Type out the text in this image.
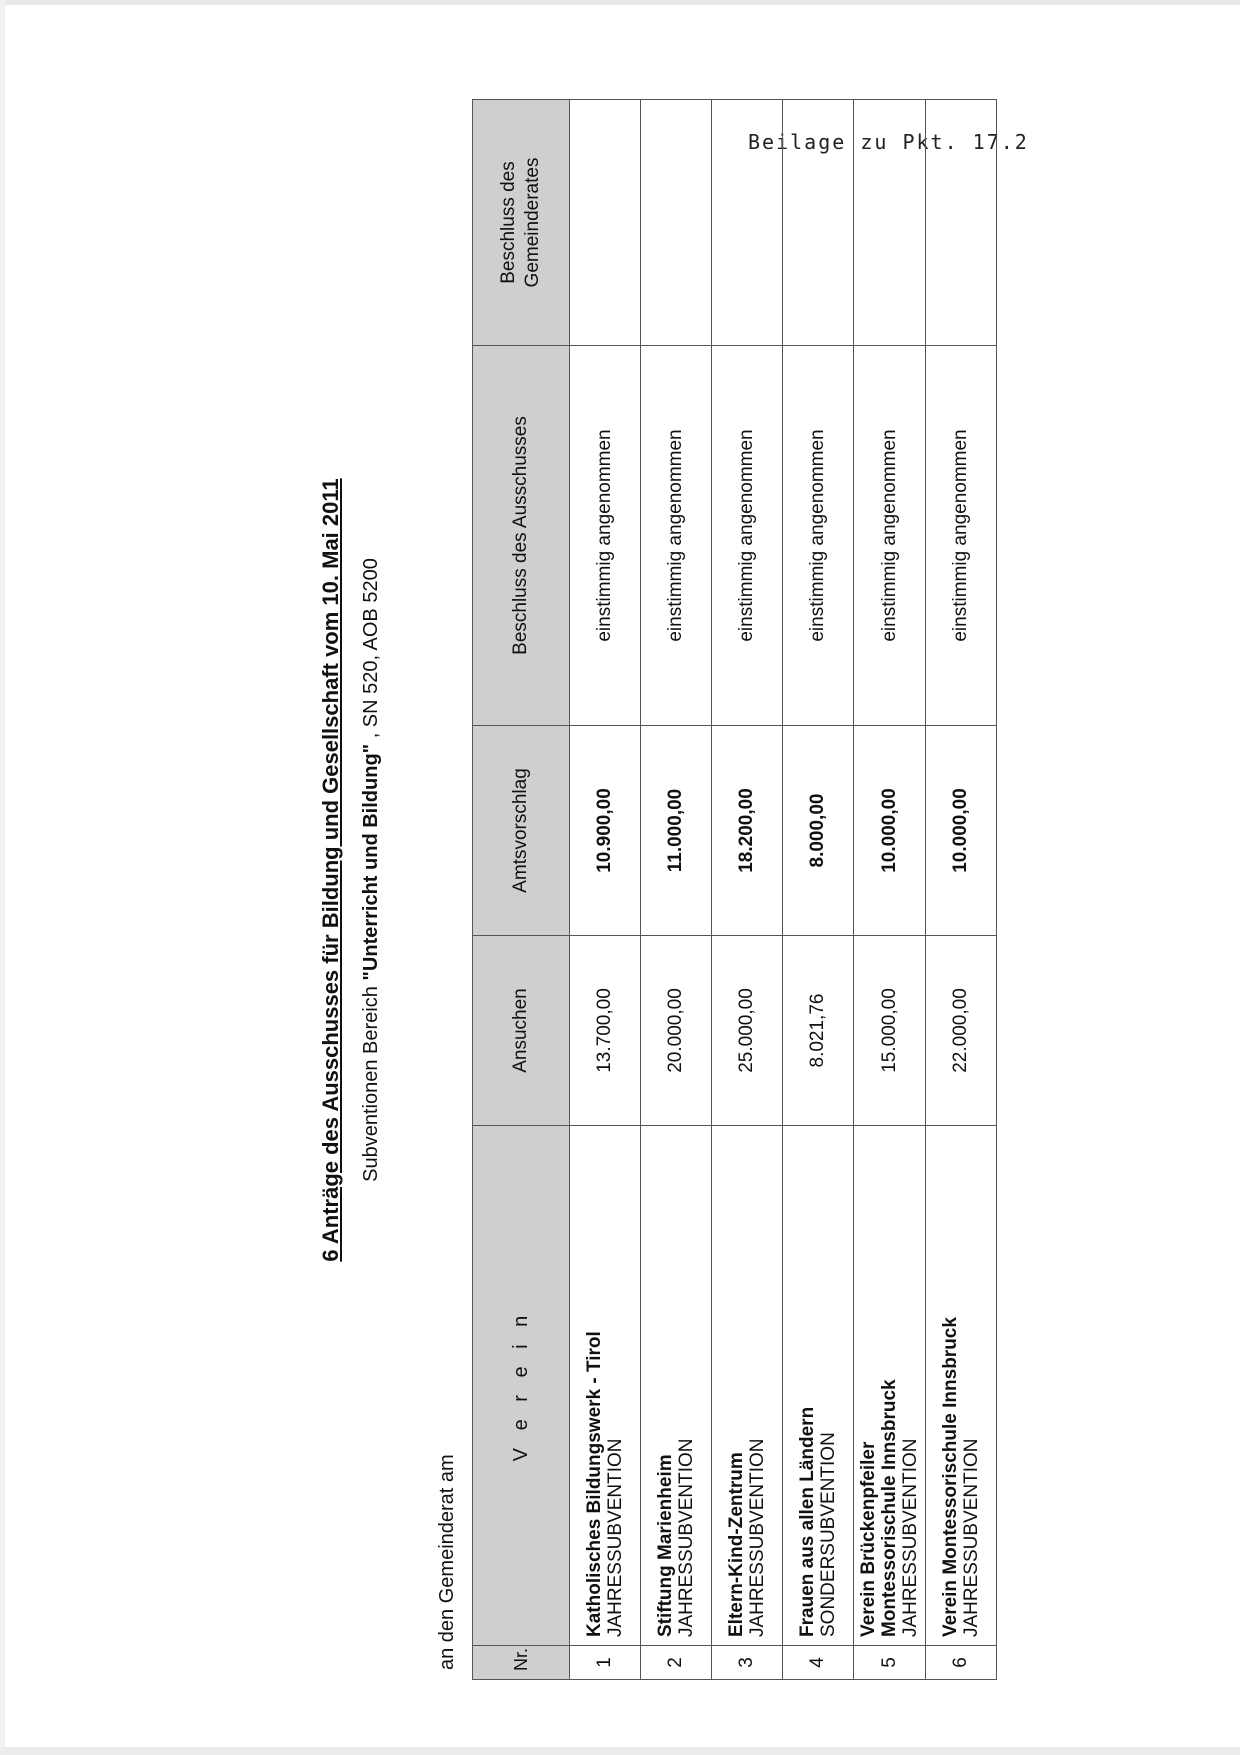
Beilage zu Pkt. 17.2
6 Anträge des Ausschusses für Bildung und Gesellschaft vom 10. Mai 2011 Subventionen Bereich "Unterricht und Bildung" , SN 520, AOB 5200
an den Gemeinderat am	Nr.	V e r e i n	Ansuchen	Amtsvorschlag	Beschluss des Ausschusses	Beschluss des Gemeinderates
1	Katholisches Bildungswerk - Tirol JAHRESSUBVENTION	13.700,00	10.900,00	einstimmig angenommen	
2	Stiftung Marienheim JAHRESSUBVENTION	20.000,00	11.000,00	einstimmig angenommen	
3	Eltern-Kind-Zentrum JAHRESSUBVENTION	25.000,00	18.200,00	einstimmig angenommen	
4	Frauen aus allen Ländern SONDERSUBVENTION	8.021,76	8.000,00	einstimmig angenommen	
5	Verein Brückenpfeiler Montessorischule Innsbruck JAHRESSUBVENTION	15.000,00	10.000,00	einstimmig angenommen	
6	Verein Montessorischule Innsbruck JAHRESSUBVENTION	22.000,00	10.000,00	einstimmig angenommen	
